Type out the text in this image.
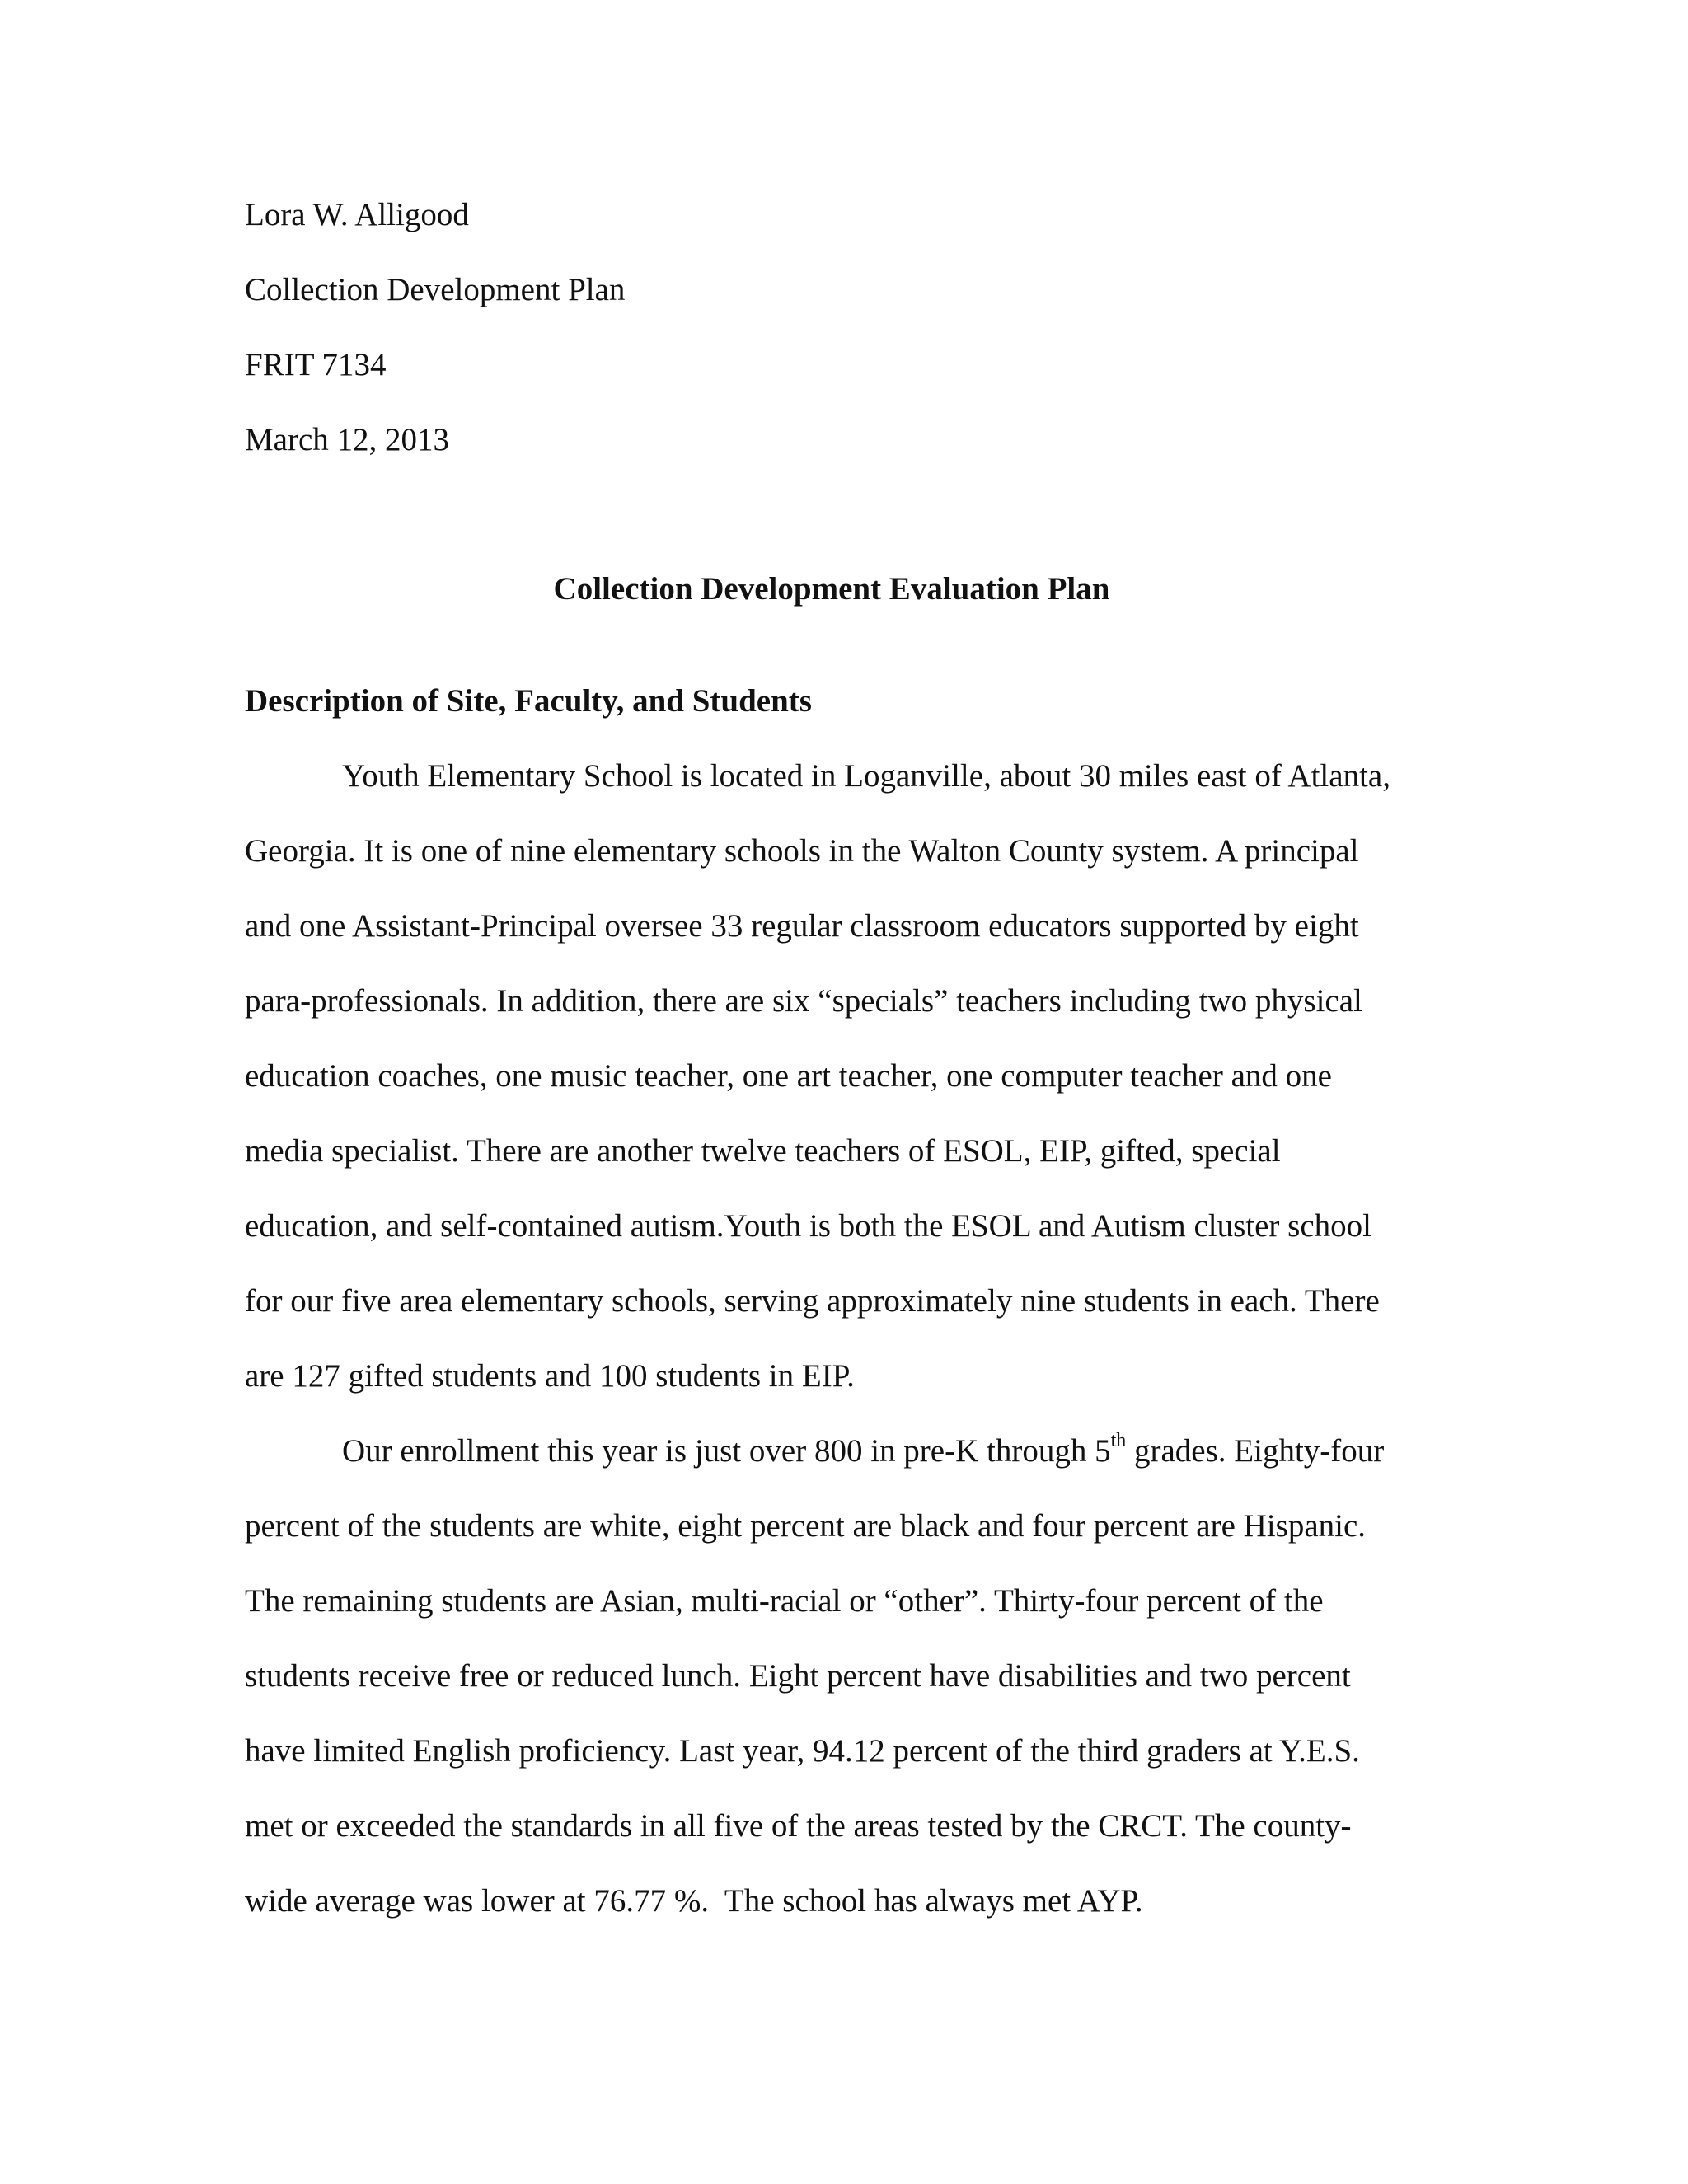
Lora W. Alligood
Collection Development Plan
FRIT 7134
March 12, 2013
Collection Development Evaluation Plan
Description of Site, Faculty, and Students
Youth Elementary School is located in Loganville, about 30 miles east of Atlanta,
Georgia. It is one of nine elementary schools in the Walton County system. A principal
and one Assistant-Principal oversee 33 regular classroom educators supported by eight
para-professionals. In addition, there are six “specials” teachers including two physical
education coaches, one music teacher, one art teacher, one computer teacher and one
media specialist. There are another twelve teachers of ESOL, EIP, gifted, special
education, and self-contained autism.Youth is both the ESOL and Autism cluster school
for our five area elementary schools, serving approximately nine students in each. There
are 127 gifted students and 100 students in EIP.
Our enrollment this year is just over 800 in pre-K through 5th grades. Eighty-four
percent of the students are white, eight percent are black and four percent are Hispanic.
The remaining students are Asian, multi-racial or “other”. Thirty-four percent of the
students receive free or reduced lunch. Eight percent have disabilities and two percent
have limited English proficiency. Last year, 94.12 percent of the third graders at Y.E.S.
met or exceeded the standards in all five of the areas tested by the CRCT. The county-
wide average was lower at 76.77 %.  The school has always met AYP.
